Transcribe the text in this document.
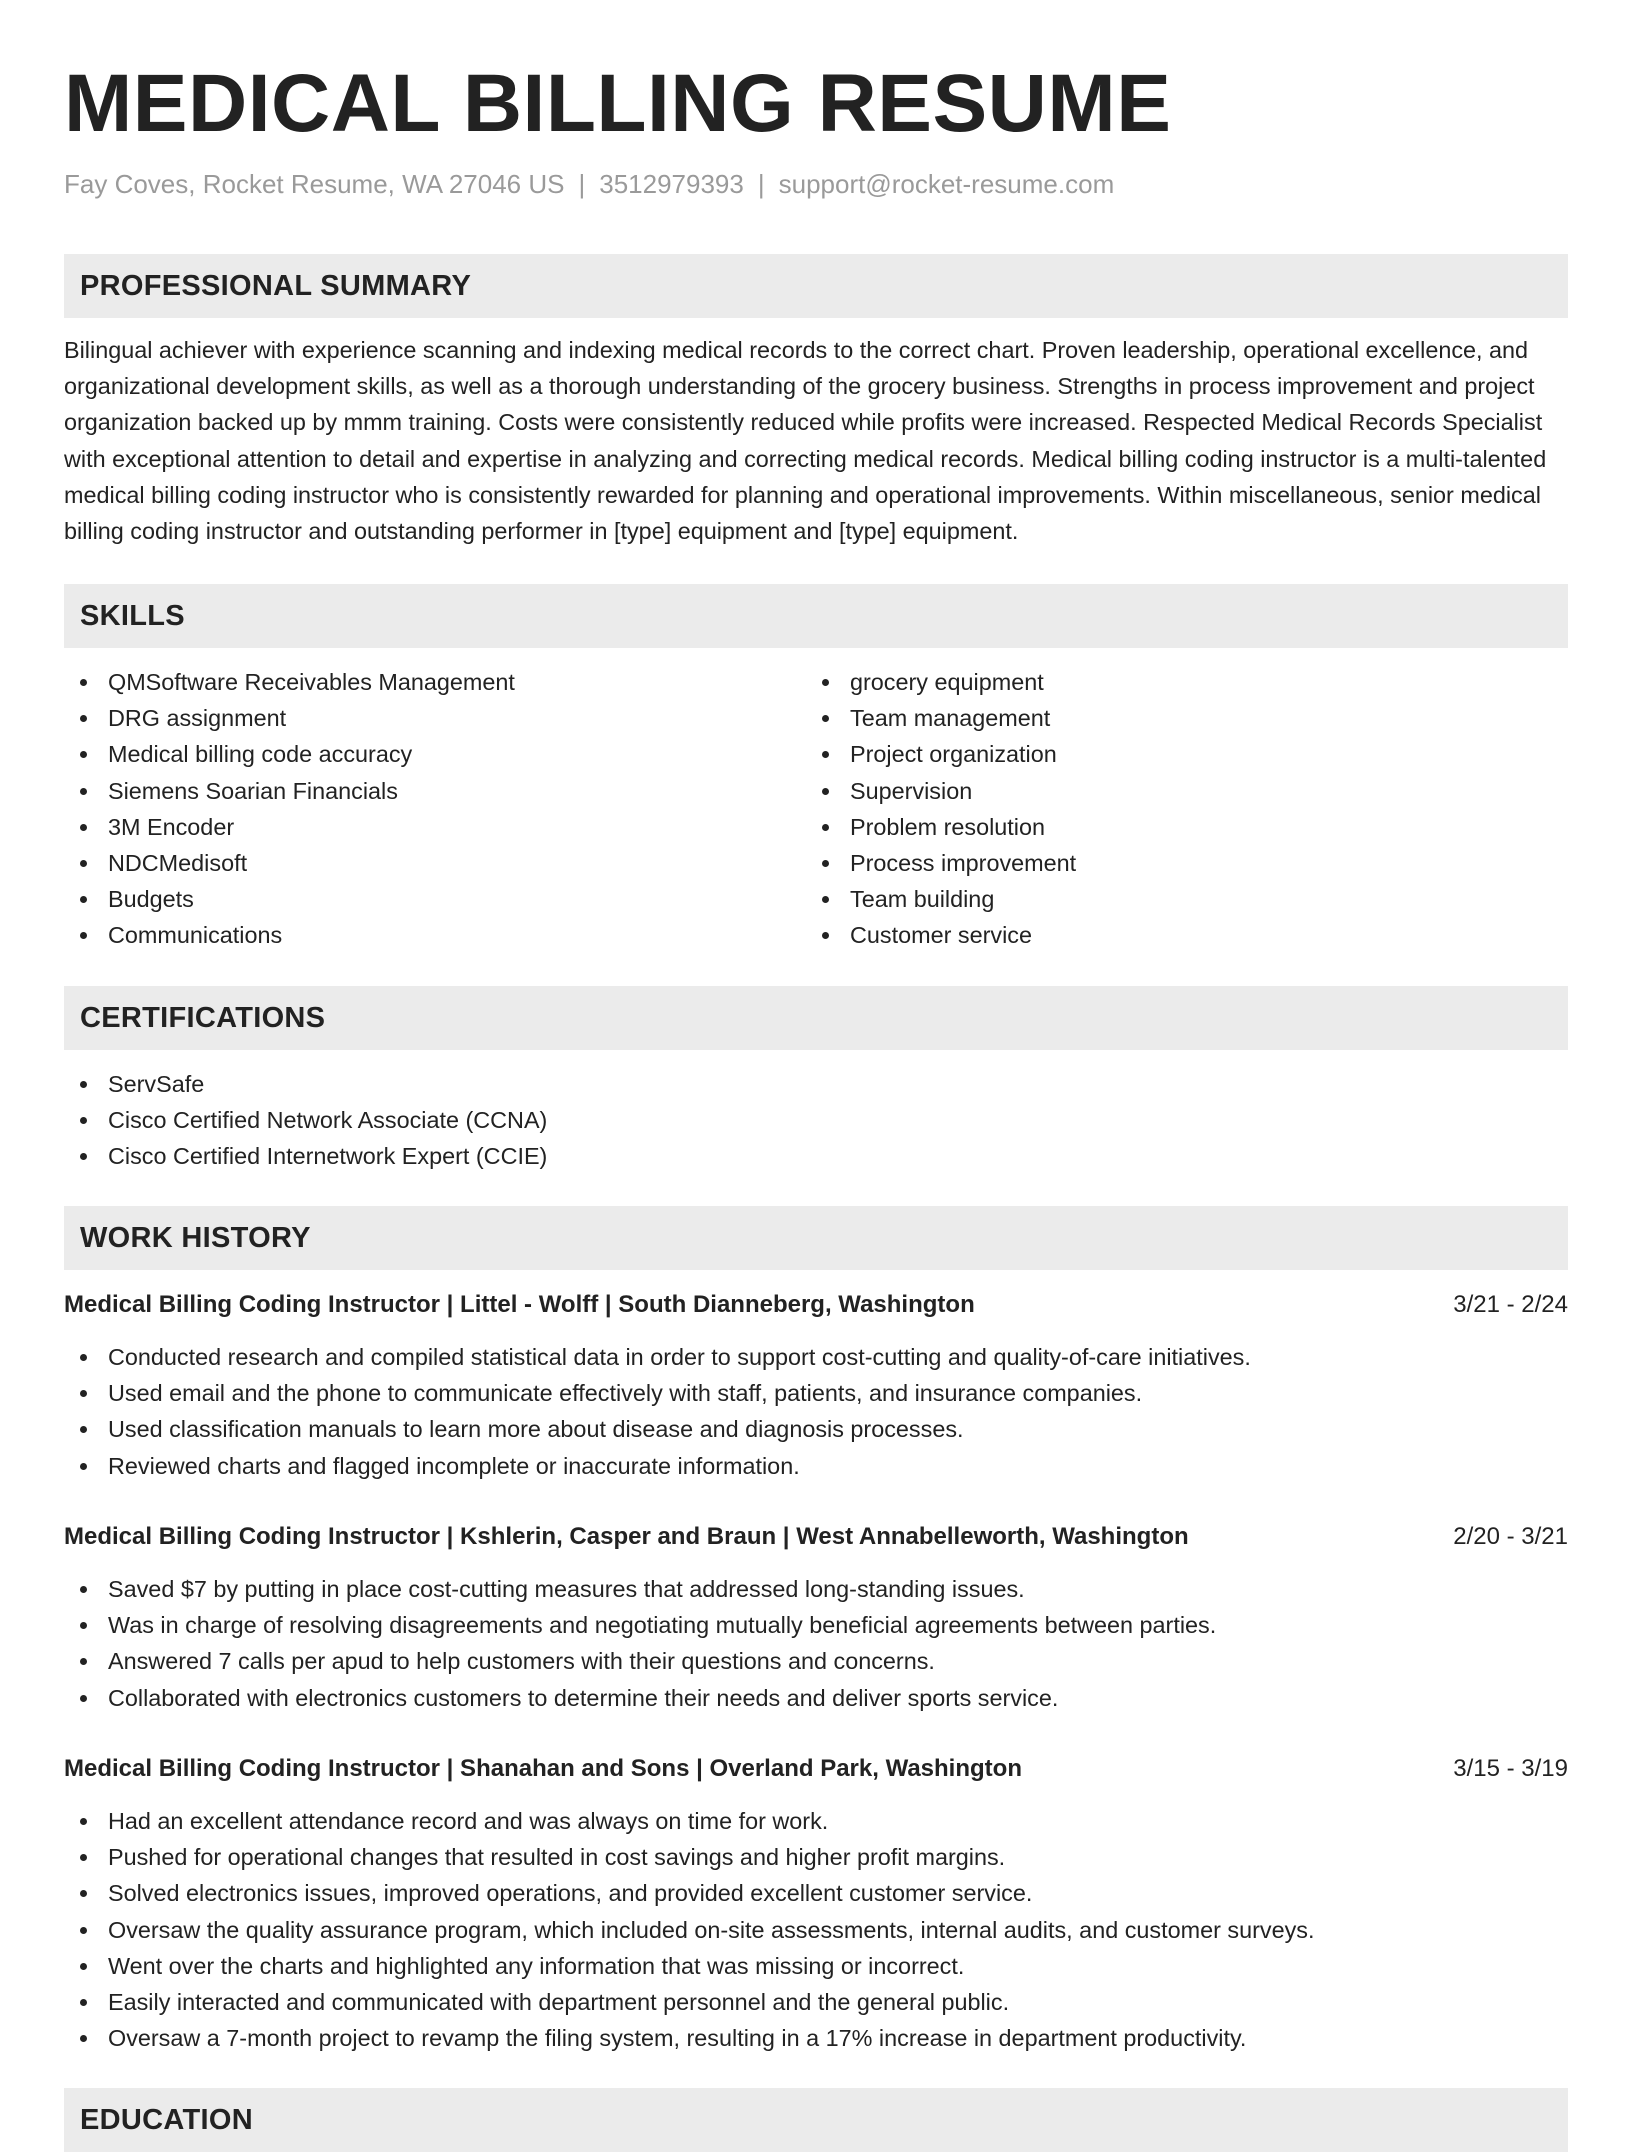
MEDICAL BILLING RESUME
Fay Coves, Rocket Resume, WA 27046 US | 3512979393 | support@rocket-resume.com
PROFESSIONAL SUMMARY

Bilingual achiever with experience scanning and indexing medical records to the correct chart. Proven leadership, operational excellence, and organizational development skills, as well as a thorough understanding of the grocery business. Strengths in process improvement and project organization backed up by mmm training. Costs were consistently reduced while profits were increased. Respected Medical Records Specialist with exceptional attention to detail and expertise in analyzing and correcting medical records. Medical billing coding instructor is a multi-talented medical billing coding instructor who is consistently rewarded for planning and operational improvements. Within miscellaneous, senior medical billing coding instructor and outstanding performer in [type] equipment and [type] equipment.

SKILLS
QMSoftware Receivables Management
DRG assignment
Medical billing code accuracy
Siemens Soarian Financials
3M Encoder
NDCMedisoft
Budgets
Communications
grocery equipment
Team management
Project organization
Supervision
Problem resolution
Process improvement
Team building
Customer service
CERTIFICATIONS
ServSafe
Cisco Certified Network Associate (CCNA)
Cisco Certified Internetwork Expert (CCIE)
WORK HISTORY
Medical Billing Coding Instructor | Littel - Wolff | South Dianneberg, Washington	3/21 - 2/24
Conducted research and compiled statistical data in order to support cost-cutting and quality-of-care initiatives.
Used email and the phone to communicate effectively with staff, patients, and insurance companies.
Used classification manuals to learn more about disease and diagnosis processes.
Reviewed charts and flagged incomplete or inaccurate information.
Medical Billing Coding Instructor | Kshlerin, Casper and Braun | West Annabelleworth, Washington	2/20 - 3/21
Saved $7 by putting in place cost-cutting measures that addressed long-standing issues.
Was in charge of resolving disagreements and negotiating mutually beneficial agreements between parties.
Answered 7 calls per apud to help customers with their questions and concerns.
Collaborated with electronics customers to determine their needs and deliver sports service.
Medical Billing Coding Instructor | Shanahan and Sons | Overland Park, Washington	3/15 - 3/19
Had an excellent attendance record and was always on time for work.
Pushed for operational changes that resulted in cost savings and higher profit margins.
Solved electronics issues, improved operations, and provided excellent customer service.
Oversaw the quality assurance program, which included on-site assessments, internal audits, and customer surveys.
Went over the charts and highlighted any information that was missing or incorrect.
Easily interacted and communicated with department personnel and the general public.
Oversaw a 7-month project to revamp the filing system, resulting in a 17% increase in department productivity.
EDUCATION
